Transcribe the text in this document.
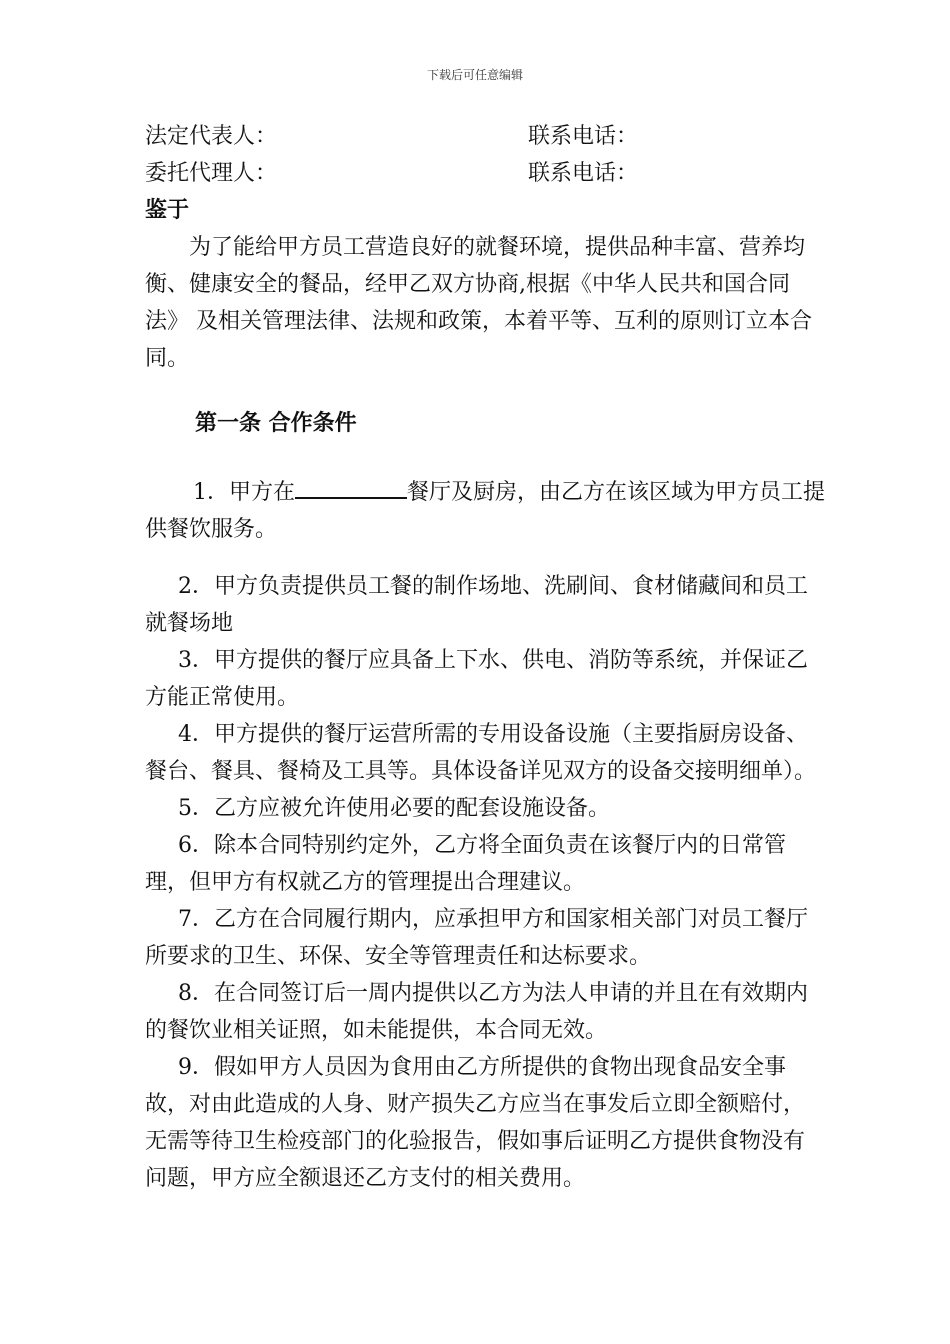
下载后可任意编辑
法定代表人：	联系电话：
委托代理人：	联系电话：
鉴于

为了能给甲方员工营造良好的就餐环境，提供品种丰富、营养均衡、健康安全的餐品，经甲乙双方协商,根据《中华人民共和国合同法》 及相关管理法律、法规和政策，本着平等、互利的原则订立本合同。

第一条 合作条件

1．甲方在	餐厅及厨房，由乙方在该区域为甲方员工提供餐饮服务。

2．甲方负责提供员工餐的制作场地、洗刷间、食材储藏间和员工就餐场地

3．甲方提供的餐厅应具备上下水、供电、消防等系统，并保证乙方能正常使用。

4．甲方提供的餐厅运营所需的专用设备设施（主要指厨房设备、餐台、餐具、餐椅及工具等。具体设备详见双方的设备交接明细单）。

5．乙方应被允许使用必要的配套设施设备。

6．除本合同特别约定外，乙方将全面负责在该餐厅内的日常管理，但甲方有权就乙方的管理提出合理建议。

7．乙方在合同履行期内，应承担甲方和国家相关部门对员工餐厅所要求的卫生、环保、安全等管理责任和达标要求。

8．在合同签订后一周内提供以乙方为法人申请的并且在有效期内的餐饮业相关证照，如未能提供，本合同无效。

9．假如甲方人员因为食用由乙方所提供的食物出现食品安全事故，对由此造成的人身、财产损失乙方应当在事发后立即全额赔付，无需等待卫生检疫部门的化验报告，假如事后证明乙方提供食物没有问题，甲方应全额退还乙方支付的相关费用。
